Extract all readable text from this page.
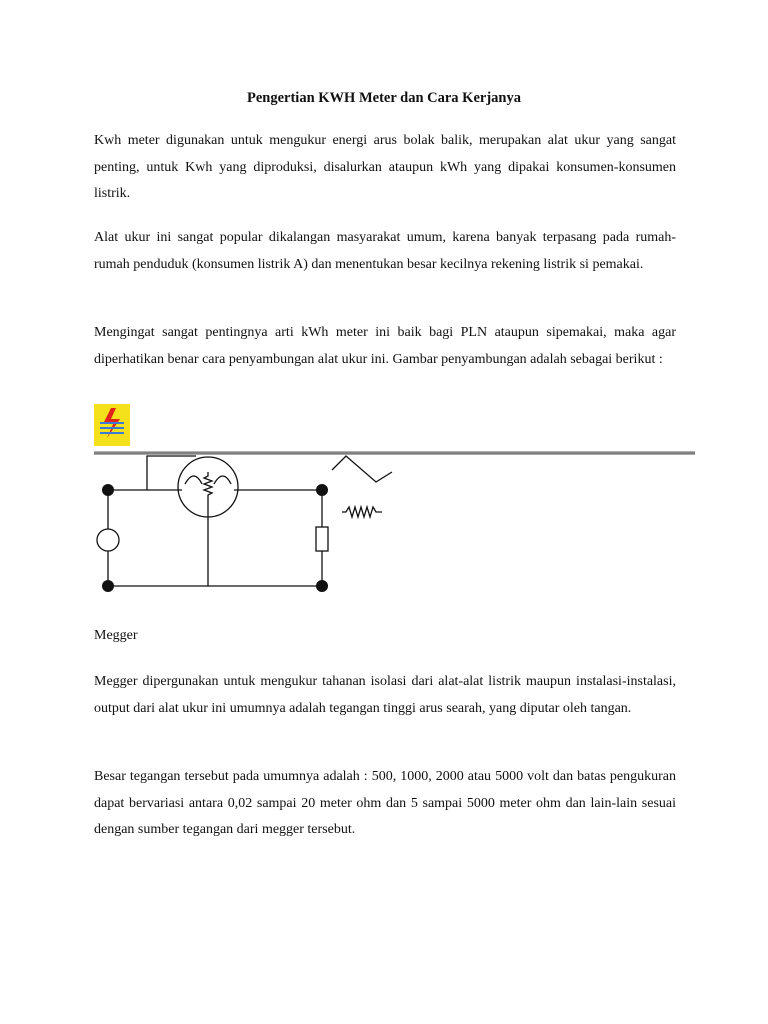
Pengertian KWH Meter dan Cara Kerjanya

Kwh meter digunakan untuk mengukur energi arus bolak balik, merupakan alat ukur yang sangat penting, untuk Kwh yang diproduksi, disalurkan ataupun kWh yang dipakai konsumen-konsumen listrik.

Alat ukur ini sangat popular dikalangan masyarakat umum, karena banyak terpasang pada rumah-rumah penduduk (konsumen listrik A) dan menentukan besar kecilnya rekening listrik si pemakai.

Mengingat sangat pentingnya arti kWh meter ini baik bagi PLN ataupun sipemakai, maka agar diperhatikan benar cara penyambungan alat ukur ini. Gambar penyambungan adalah sebagai berikut :

Megger

Megger dipergunakan untuk mengukur tahanan isolasi dari alat-alat listrik maupun instalasi-instalasi, output dari alat ukur ini umumnya adalah tegangan tinggi arus searah, yang diputar oleh tangan.

Besar tegangan tersebut pada umumnya adalah : 500, 1000, 2000 atau 5000 volt dan batas pengukuran dapat bervariasi antara 0,02 sampai 20 meter ohm dan 5 sampai 5000 meter ohm dan lain-lain sesuai dengan sumber tegangan dari megger tersebut.
